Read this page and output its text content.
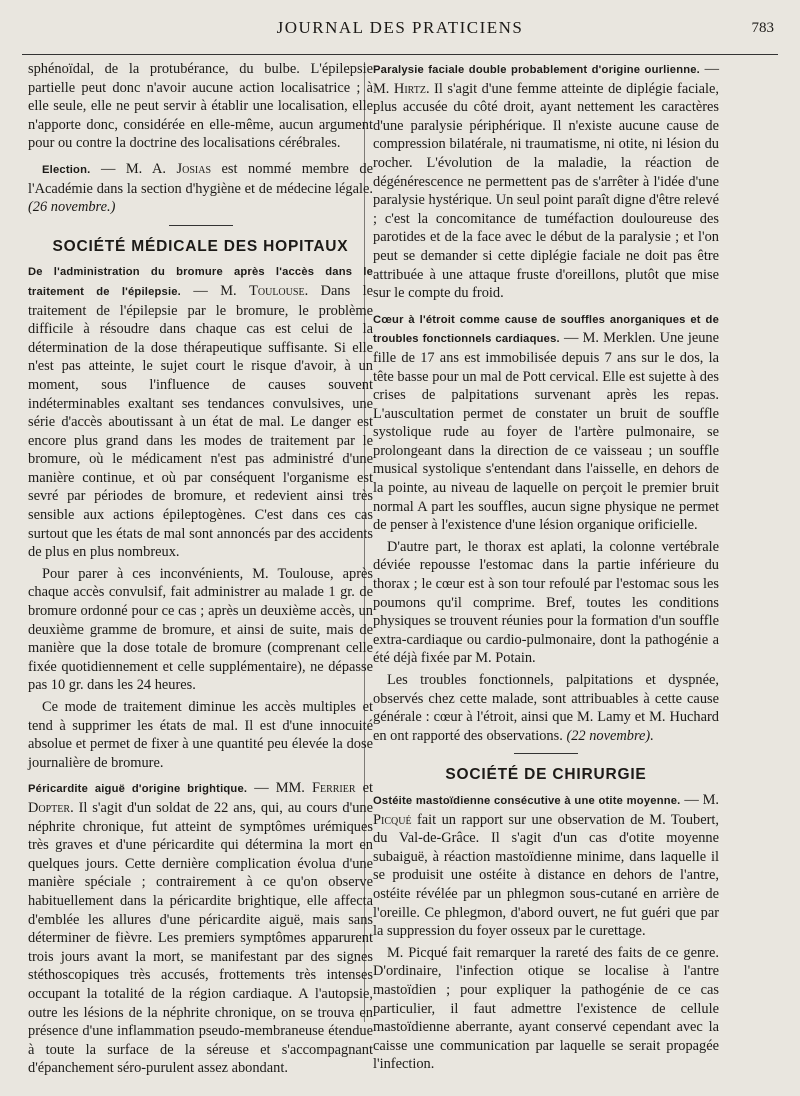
JOURNAL DES PRATICIENS	783

sphénoïdal, de la protubérance, du bulbe. L'épilepsie partielle peut donc n'avoir aucune action localisatrice ; à elle seule, elle ne peut servir à établir une localisation, elle n'apporte donc, considérée en elle-même, aucun argument pour ou contre la doctrine des localisations cérébrales.

Election. — M. A. Josias est nommé membre de l'Académie dans la section d'hygiène et de médecine légale. (26 novembre.)

SOCIÉTÉ MÉDICALE DES HOPITAUX

De l'administration du bromure après l'accès dans le traitement de l'épilepsie. — M. Toulouse. Dans le traitement de l'épilepsie par le bromure, le problème difficile à résoudre dans chaque cas est celui de la détermination de la dose thérapeutique suffisante. Si elle n'est pas atteinte, le sujet court le risque d'avoir, à un moment, sous l'influence de causes souvent indéterminables exaltant ses tendances convulsives, une série d'accès aboutissant à un état de mal. Le danger est encore plus grand dans les modes de traitement par le bromure, où le médicament n'est pas administré d'une manière continue, et où par conséquent l'organisme est sevré par périodes de bromure, et redevient ainsi très sensible aux actions épileptogènes. C'est dans ces cas surtout que les états de mal sont annoncés par des accidents de plus en plus nombreux.

Pour parer à ces inconvénients, M. Toulouse, après chaque accès convulsif, fait administrer au malade 1 gr. de bromure ordonné pour ce cas ; après un deuxième accès, un deuxième gramme de bromure, et ainsi de suite, mais de manière que la dose totale de bromure (comprenant celle fixée quotidiennement et celle supplémentaire), ne dépasse pas 10 gr. dans les 24 heures.

Ce mode de traitement diminue les accès multiples et tend à supprimer les états de mal. Il est d'une innocuité absolue et permet de fixer à une quantité peu élevée la dose journalière de bromure.

Péricardite aiguë d'origine brightique. — MM. Ferrier et Dopter. Il s'agit d'un soldat de 22 ans, qui, au cours d'une néphrite chronique, fut atteint de symptômes urémiques très graves et d'une péricardite qui détermina la mort en quelques jours. Cette dernière complication évolua d'une manière spéciale ; contrairement à ce qu'on observe habituellement dans la péricardite brightique, elle affecta d'emblée les allures d'une péricardite aiguë, mais sans déterminer de fièvre. Les premiers symptômes apparurent trois jours avant la mort, se manifestant par des signes stéthoscopiques très accusés, frottements très intenses occupant la totalité de la région cardiaque. A l'autopsie, outre les lésions de la néphrite chronique, on se trouva en présence d'une inflammation pseudo-membraneuse étendue à toute la surface de la séreuse et s'accompagnant d'épanchement séro-purulent assez abondant.

Paralysie faciale double probablement d'origine ourlienne. — M. Hirtz. Il s'agit d'une femme atteinte de diplégie faciale, plus accusée du côté droit, ayant nettement les caractères d'une paralysie périphérique. Il n'existe aucune cause de compression bilatérale, ni traumatisme, ni otite, ni lésion du rocher. L'évolution de la maladie, la réaction de dégénérescence ne permettent pas de s'arrêter à l'idée d'une paralysie hystérique. Un seul point paraît digne d'être relevé ; c'est la concomitance de tuméfaction douloureuse des parotides et de la face avec le début de la paralysie ; et l'on peut se demander si cette diplégie faciale ne doit pas être attribuée à une attaque fruste d'oreillons, plutôt que mise sur le compte du froid.

Cœur à l'étroit comme cause de souffles anorganiques et de troubles fonctionnels cardiaques. — M. Merklen. Une jeune fille de 17 ans est immobilisée depuis 7 ans sur le dos, la tête basse pour un mal de Pott cervical. Elle est sujette à des crises de palpitations survenant après les repas. L'auscultation permet de constater un bruit de souffle systolique rude au foyer de l'artère pulmonaire, se prolongeant dans la direction de ce vaisseau ; un souffle musical systolique s'entendant dans l'aisselle, en dehors de la pointe, au niveau de laquelle on perçoit le premier bruit normal A part les souffles, aucun signe physique ne permet de penser à l'existence d'une lésion organique orificielle.

D'autre part, le thorax est aplati, la colonne vertébrale déviée repousse l'estomac dans la partie inférieure du thorax ; le cœur est à son tour refoulé par l'estomac sous les poumons qu'il comprime. Bref, toutes les conditions physiques se trouvent réunies pour la formation d'un souffle extra-cardiaque ou cardio-pulmonaire, dont la pathogénie a été déjà fixée par M. Potain.

Les troubles fonctionnels, palpitations et dyspnée, observés chez cette malade, sont attribuables à cette cause générale : cœur à l'étroit, ainsi que M. Lamy et M. Huchard en ont rapporté des observations. (22 novembre).

SOCIÉTÉ DE CHIRURGIE

Ostéite mastoïdienne consécutive à une otite moyenne. — M. Picqué fait un rapport sur une observation de M. Toubert, du Val-de-Grâce. Il s'agit d'un cas d'otite moyenne subaiguë, à réaction mastoïdienne minime, dans laquelle il se produisit une ostéite à distance en dehors de l'antre, ostéite révélée par un phlegmon sous-cutané en arrière de l'oreille. Ce phlegmon, d'abord ouvert, ne fut guéri que par la suppression du foyer osseux par le curettage.

M. Picqué fait remarquer la rareté des faits de ce genre. D'ordinaire, l'infection otique se localise à l'antre mastoïdien ; pour expliquer la pathogénie de ce cas particulier, il faut admettre l'existence de cellule mastoïdienne aberrante, ayant conservé cependant avec la caisse une communication par laquelle se serait propagée l'infection.
